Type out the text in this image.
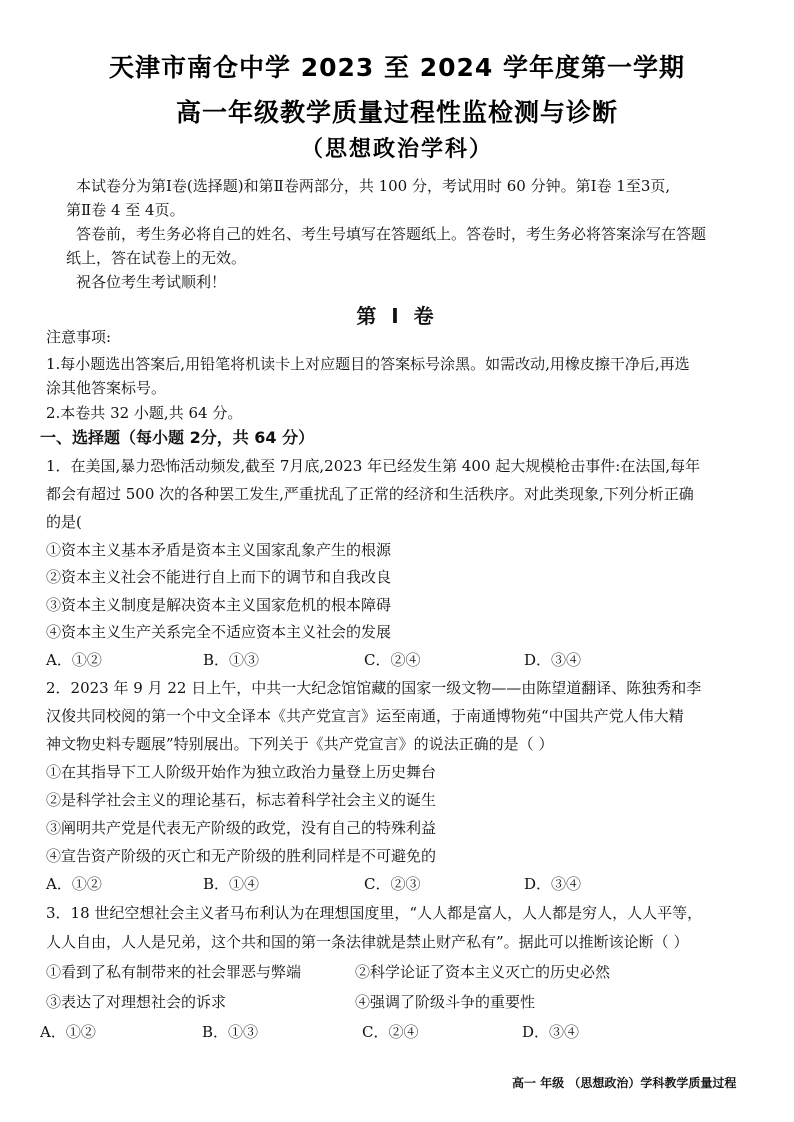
天津市南仓中学 2023 至 2024 学年度第一学期
高一年级教学质量过程性监检测与诊断
（思想政治学科）
本试卷分为第Ⅰ卷(选择题)和第Ⅱ卷两部分，共 100 分，考试用时 60 分钟。第Ⅰ卷 1至3页,
第Ⅱ卷 4 至 4页。
答卷前，考生务必将自己的姓名、考生号填写在答题纸上。答卷时，考生务必将答案涂写在答题
纸上，答在试卷上的无效。
祝各位考生考试顺利！
第 Ⅰ 卷
注意事项:
1.每小题选出答案后,用铅笔将机读卡上对应题目的答案标号涂黑。如需改动,用橡皮擦干净后,再选
涂其他答案标号。
2.本卷共 32 小题,共 64 分。
一、选择题（每小题 2分，共 64 分）
1．在美国,暴力恐怖活动频发,截至 7月底,2023 年已经发生第 400 起大规模枪击事件:在法国,每年
都会有超过 500 次的各种罢工发生,严重扰乱了正常的经济和生活秩序。对此类现象,下列分析正确
的是(
①资本主义基本矛盾是资本主义国家乱象产生的根源
②资本主义社会不能进行自上而下的调节和自我改良
③资本主义制度是解决资本主义国家危机的根本障碍
④资本主义生产关系完全不适应资本主义社会的发展
A．①②	B．①③	C．②④	D．③④
2．2023 年 9 月 22 日上午，中共一大纪念馆馆藏的国家一级文物——由陈望道翻译、陈独秀和李
汉俊共同校阅的第一个中文全译本《共产党宣言》运至南通，于南通博物苑“中国共产党人伟大精
神文物史料专题展”特别展出。下列关于《共产党宣言》的说法正确的是（ ）
①在其指导下工人阶级开始作为独立政治力量登上历史舞台
②是科学社会主义的理论基石，标志着科学社会主义的诞生
③阐明共产党是代表无产阶级的政党，没有自己的特殊利益
④宣告资产阶级的灭亡和无产阶级的胜利同样是不可避免的
A．①②	B．①④	C．②③	D．③④
3．18 世纪空想社会主义者马布利认为在理想国度里，“人人都是富人，人人都是穷人，人人平等，
人人自由，人人是兄弟，这个共和国的第一条法律就是禁止财产私有”。据此可以推断该论断（ ）
①看到了私有制带来的社会罪恶与弊端	②科学论证了资本主义灭亡的历史必然
③表达了对理想社会的诉求	④强调了阶级斗争的重要性
A．①②	B．①③	C．②④	D．③④
高一 年级 （思想政治）学科教学质量过程
